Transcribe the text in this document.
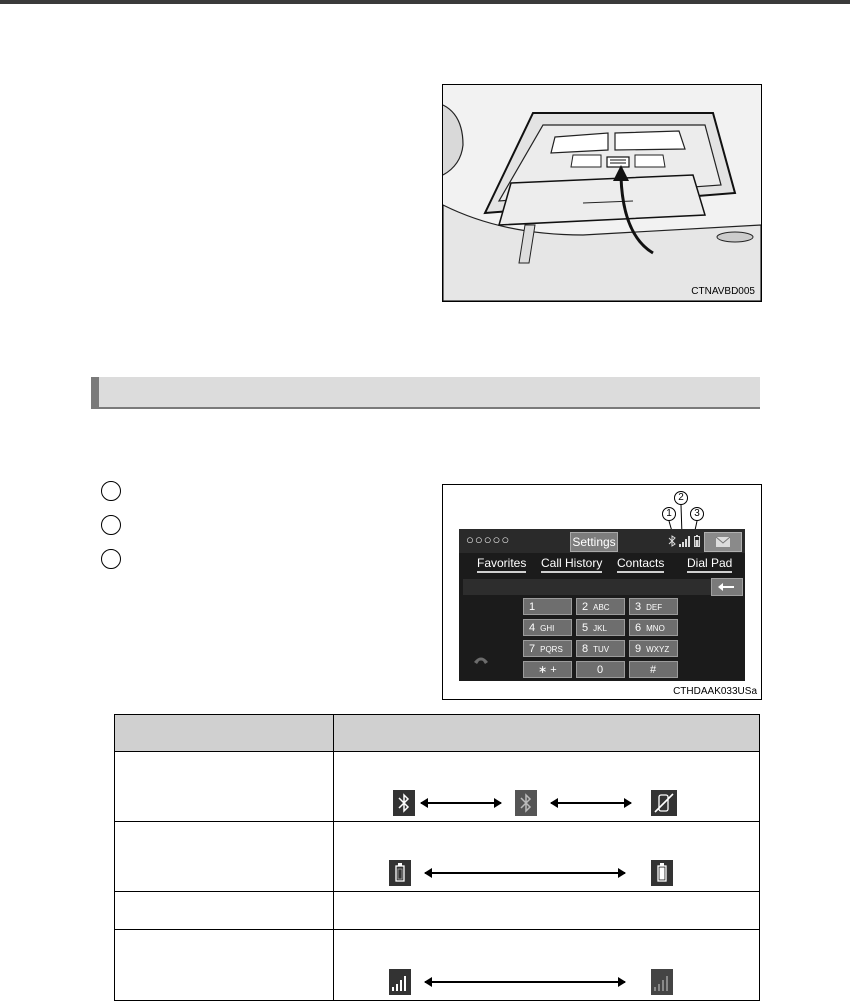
CTNAVBD005
2
1	3
○○○○○	Settings
Favorites Call History Contacts Dial Pad
1	2 ABC	3 DEF
4 GHI	5 JKL	6 MNO
7 PQRS	8 TUV	9 WXYZ
∗ +	0	#
CTHDAAK033USa
